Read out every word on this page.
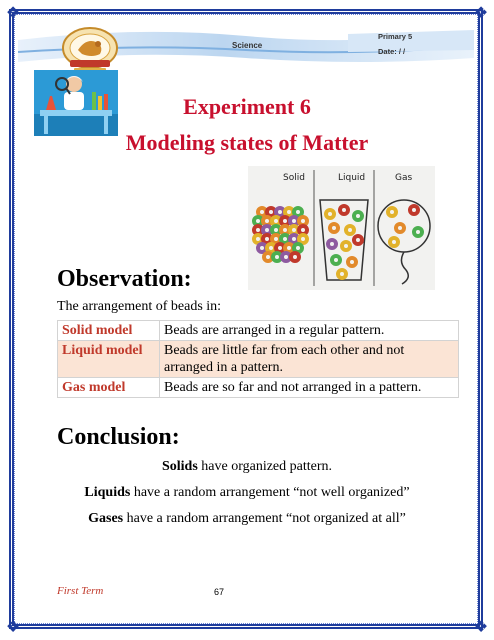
❖	❖
❖	❖
Science
Primary 5
Date: / /
Experiment 6
Modeling states of Matter
Solid	Liquid	Gas
Observation:
The arrangement of beads in:
Solid model	Beads are arranged in a regular pattern.
Liquid model	Beads are little far from each other and not arranged in a pattern.
Gas model	Beads are so far and not arranged in a pattern.
Conclusion:
Solids have organized pattern.
Liquids have a random arrangement “not well organized”
Gases have a random arrangement “not organized at all”
First Term	67
